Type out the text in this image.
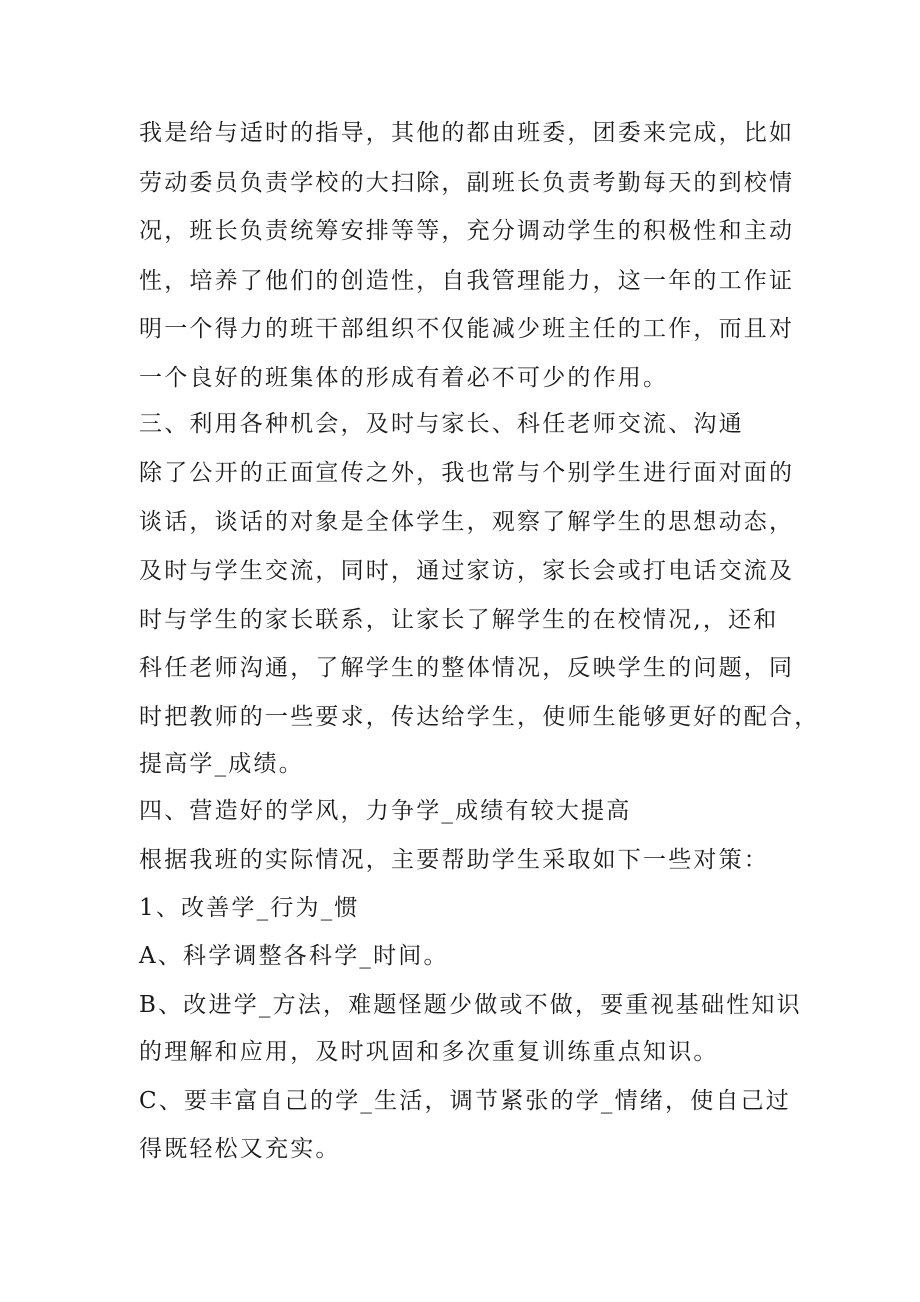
我是给与适时的指导，其他的都由班委，团委来完成，比如
劳动委员负责学校的大扫除，副班长负责考勤每天的到校情
况，班长负责统筹安排等等，充分调动学生的积极性和主动
性，培养了他们的创造性，自我管理能力，这一年的工作证
明一个得力的班干部组织不仅能减少班主任的工作，而且对
一个良好的班集体的形成有着必不可少的作用。
三、利用各种机会，及时与家长、科任老师交流、沟通
除了公开的正面宣传之外，我也常与个别学生进行面对面的
谈话，谈话的对象是全体学生，观察了解学生的思想动态，
及时与学生交流，同时，通过家访，家长会或打电话交流及
时与学生的家长联系，让家长了解学生的在校情况,，还和
科任老师沟通，了解学生的整体情况，反映学生的问题，同
时把教师的一些要求，传达给学生，使师生能够更好的配合，
提高学_成绩。
四、营造好的学风，力争学_成绩有较大提高
根据我班的实际情况，主要帮助学生采取如下一些对策：
1、改善学_行为_惯
A、科学调整各科学_时间。
B、改进学_方法，难题怪题少做或不做，要重视基础性知识
的理解和应用，及时巩固和多次重复训练重点知识。
C、要丰富自己的学_生活，调节紧张的学_情绪，使自己过
得既轻松又充实。
